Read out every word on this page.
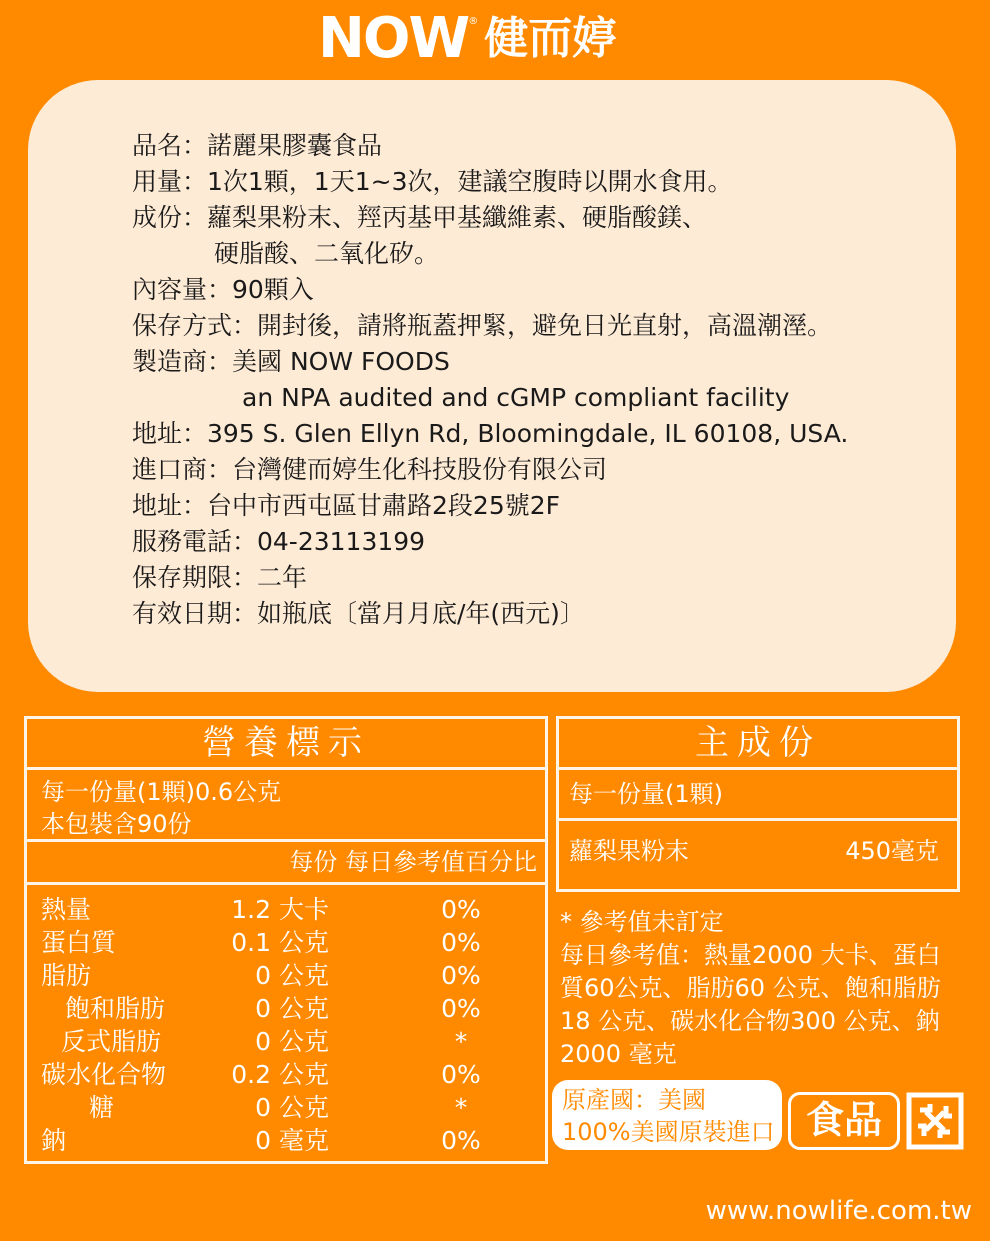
NOW ® 健而婷
品名：諾麗果膠囊食品
用量：1次1顆，1天1~3次，建議空腹時以開水食用。
成份：蘿梨果粉末、羥丙基甲基纖維素、硬脂酸鎂、
硬脂酸、二氧化矽。
內容量：90顆入
保存方式：開封後，請將瓶蓋押緊，避免日光直射，高溫潮溼。
製造商：美國 NOW FOODS
an NPA audited and cGMP compliant facility
地址：395 S. Glen Ellyn Rd, Bloomingdale, IL 60108, USA.
進口商：台灣健而婷生化科技股份有限公司
地址：台中市西屯區甘肅路2段25號2F
服務電話：04-23113199
保存期限：二年
有效日期：如瓶底〔當月月底/年(西元)〕
營養標示
每一份量(1顆)0.6公克
本包裝含90份
每份 每日參考值百分比
熱量	1.2 大卡	0%
蛋白質	0.1 公克	0%
脂肪	0 公克	0%
飽和脂肪	0 公克	0%
反式脂肪	0 公克	*
碳水化合物	0.2 公克	0%
糖	0 公克	*
鈉	0 毫克	0%
主成份
每一份量(1顆)
蘿梨果粉末	450毫克
* 參考值未訂定
每日參考值：熱量2000 大卡、蛋白
質60公克、脂肪60 公克、飽和脂肪
18 公克、碳水化合物300 公克、鈉
2000 毫克
原產國：美國
100%美國原裝進口 食品
www.nowlife.com.tw
